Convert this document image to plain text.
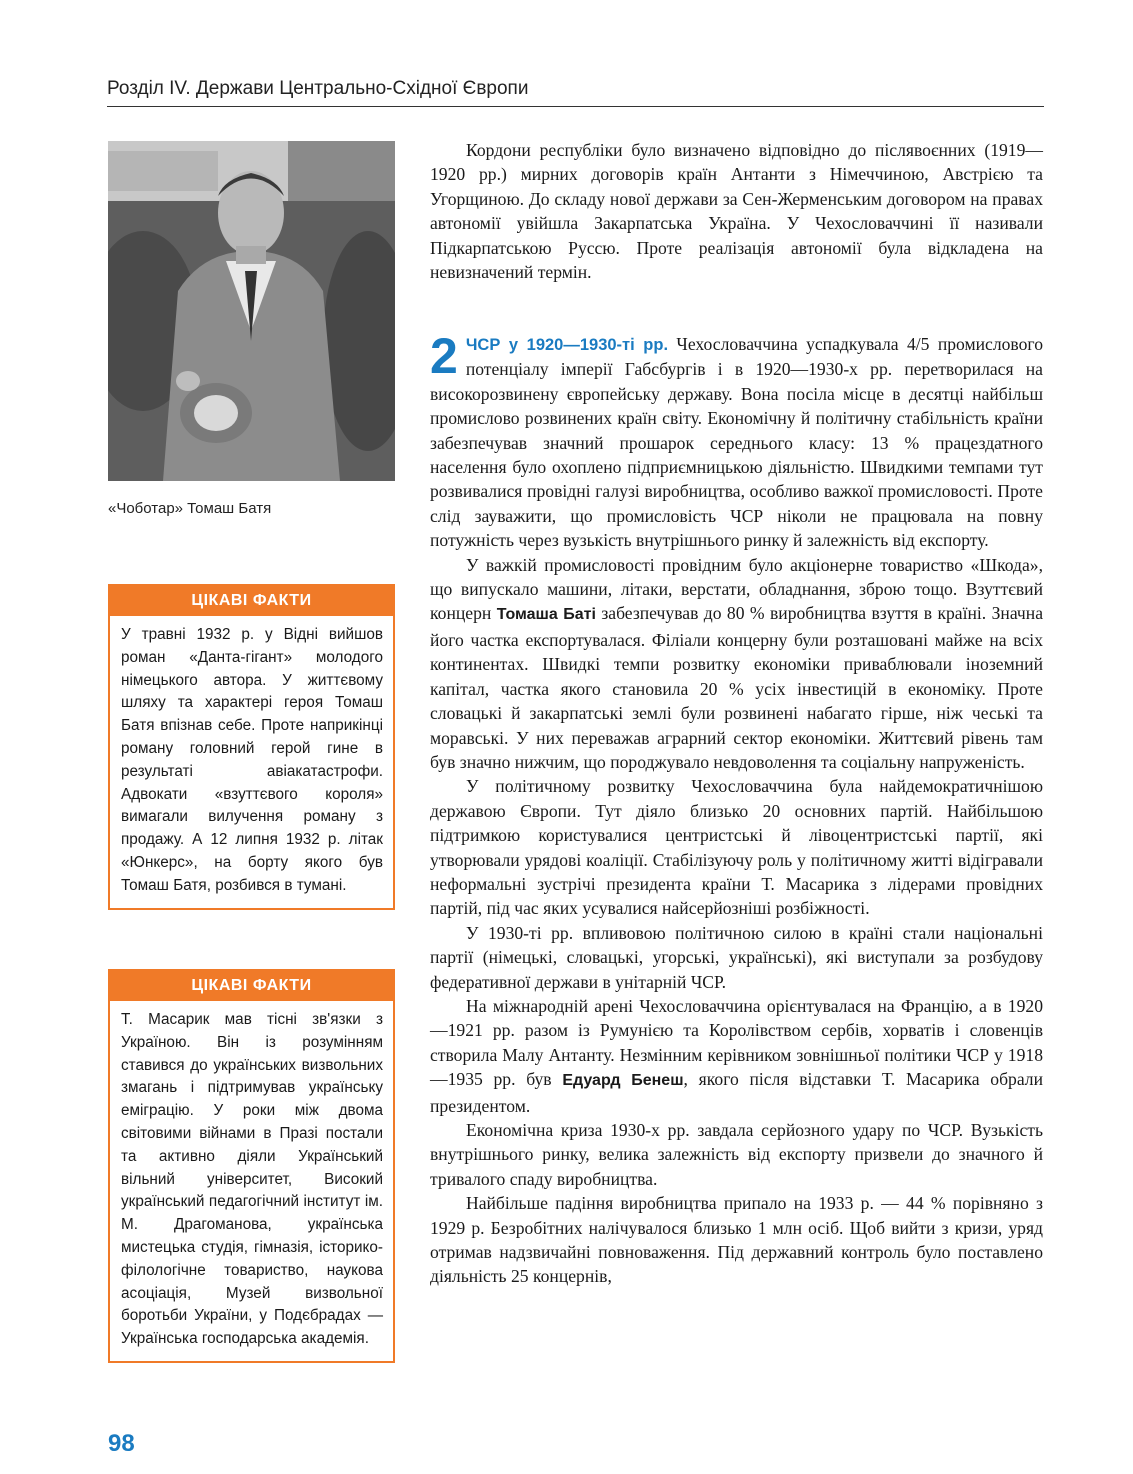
Розділ IV. Держави Центрально-Східної Європи
«Чоботар» Томаш Батя
ЦІКАВІ ФАКТИ
У травні 1932 р. у Відні вийшов роман «Данта-гігант» молодого німецького автора. У життєвому шляху та характері героя Томаш Батя впізнав себе. Проте наприкінці роману головний герой гине в результаті авіакатастрофи. Адвокати «взуттєвого короля» вимагали вилучення роману з продажу. А 12 липня 1932 р. літак «Юнкерс», на борту якого був Томаш Батя, розбився в тумані.
ЦІКАВІ ФАКТИ
Т. Масарик мав тісні зв'язки з Україною. Він із розумінням ставився до українських визвольних змагань і підтримував українську еміграцію. У роки між двома світовими війнами в Празі постали та активно діяли Український вільний університет, Високий український педагогічний інститут ім. М. Драгоманова, українська мистецька студія, гімназія, історико-філологічне товариство, наукова асоціація, Музей визвольної боротьби України, у Подєбрадах — Українська господарська академія.

Кордони республіки було визначено відповідно до післявоєнних (1919—1920 рр.) мирних договорів країн Антанти з Німеччиною, Австрією та Угорщиною. До складу нової держави за Сен-Жерменським договором на правах автономії увійшла Закарпатська Україна. У Чехословаччині її називали Підкарпатською Руссю. Проте реалізація автономії була відкладена на невизначений термін.

2 ЧСР у 1920—1930-ті рр. Чехословаччина успадкувала 4/5 промислового потенціалу імперії Габсбургів і в 1920—1930-х рр. перетворилася на високорозвинену європейську державу. Вона посіла місце в десятці найбільш промислово розвинених країн світу. Економічну й політичну стабільність країни забезпечував значний прошарок середнього класу: 13 % працездатного населення було охоплено підприємницькою діяльністю. Швидкими темпами тут розвивалися провідні галузі виробництва, особливо важкої промисловості. Проте слід зауважити, що промисловість ЧСР ніколи не працювала на повну потужність через вузькість внутрішнього ринку й залежність від експорту.

У важкій промисловості провідним було акціонерне товариство «Шкода», що випускало машини, літаки, верстати, обладнання, зброю тощо. Взуттєвий концерн Томаша Баті забезпечував до 80 % виробництва взуття в країні. Значна його частка експортувалася. Філіали концерну були розташовані майже на всіх континентах. Швидкі темпи розвитку економіки приваблювали іноземний капітал, частка якого становила 20 % усіх інвестицій в економіку. Проте словацькі й закарпатські землі були розвинені набагато гірше, ніж чеські та моравські. У них переважав аграрний сектор економіки. Життєвий рівень там був значно нижчим, що породжувало невдоволення та соціальну напруженість.

У політичному розвитку Чехословаччина була найдемократичнішою державою Європи. Тут діяло близько 20 основних партій. Найбільшою підтримкою користувалися центристські й лівоцентристські партії, які утворювали урядові коаліції. Стабілізуючу роль у політичному житті відігравали неформальні зустрічі президента країни Т. Масарика з лідерами провідних партій, під час яких усувалися найсерйозніші розбіжності.

У 1930-ті рр. впливовою політичною силою в країні стали національні партії (німецькі, словацькі, угорські, українські), які виступали за розбудову федеративної держави в унітарній ЧСР.

На міжнародній арені Чехословаччина орієнтувалася на Францію, а в 1920—1921 рр. разом із Румунією та Королівством сербів, хорватів і словенців створила Малу Антанту. Незмінним керівником зовнішньої політики ЧСР у 1918—1935 рр. був Едуард Бенеш, якого після відставки Т. Масарика обрали президентом.

Економічна криза 1930-х рр. завдала серйозного удару по ЧСР. Вузькість внутрішнього ринку, велика залежність від експорту призвели до значного й тривалого спаду виробництва.

Найбільше падіння виробництва припало на 1933 р. — 44 % порівняно з 1929 р. Безробітних налічувалося близько 1 млн осіб. Щоб вийти з кризи, уряд отримав надзвичайні повноваження. Під державний контроль було поставлено діяльність 25 концернів,

98
